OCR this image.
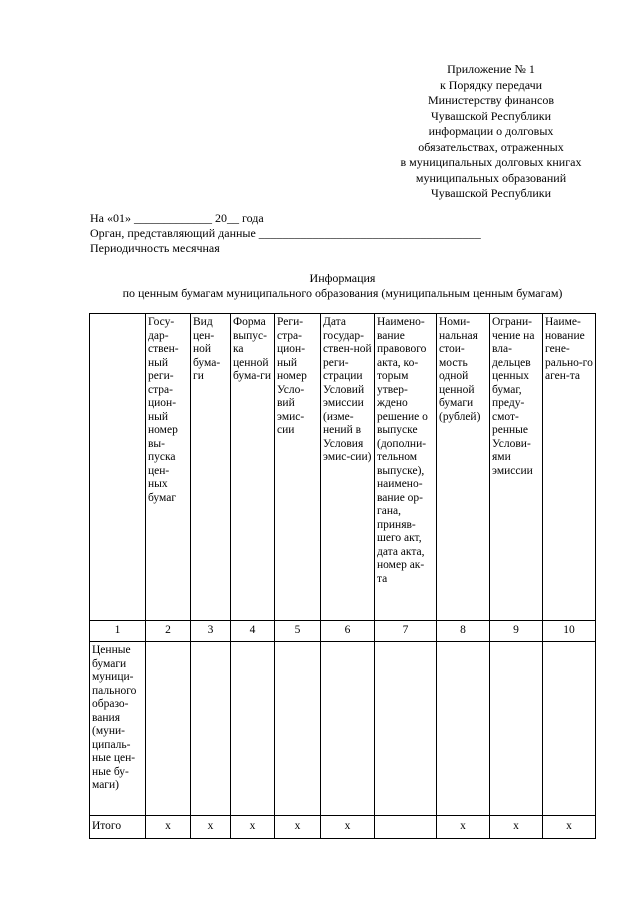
Приложение № 1
к Порядку передачи
Министерству финансов
Чувашской Республики
информации о долговых
обязательствах, отраженных
в муниципальных долговых книгах
муниципальных образований
Чувашской Республики
На «01» _____________ 20__ года
Орган, представляющий данные _____________________________________
Периодичность месячная
Информация
по ценным бумагам муниципального образования (муниципальным ценным бумагам)
	Госу-дар-ствен-ный реги-стра-цион-ный номер вы-пуска цен-ных бумаг	Вид цен-ной бума-ги	Форма выпус-ка ценной бума-ги	Реги-стра-цион-ный номер Усло-вий эмис-сии	Дата государ-ствен-ной реги-страции Условий эмиссии (изме-нений в Условия эмис-сии)	Наимено-вание правового акта, ко-торым утвер-ждено решение о выпуске (дополни-тельном выпуске), наимено-вание ор-гана, приняв-шего акт, дата акта, номер ак-та	Номи-нальная стои-мость одной ценной бумаги (рублей)	Ограни-чение на вла-дельцев ценных бумаг, преду-смот-ренные Услови-ями эмиссии	Наиме-нование гене-рально-го аген-та
1	2	3	4	5	6	7	8	9	10
Ценные бумаги муници-пального образо-вания (муни-ципаль-ные цен-ные бу-маги)									
Итого	x	x	x	x	x		x	x	x
